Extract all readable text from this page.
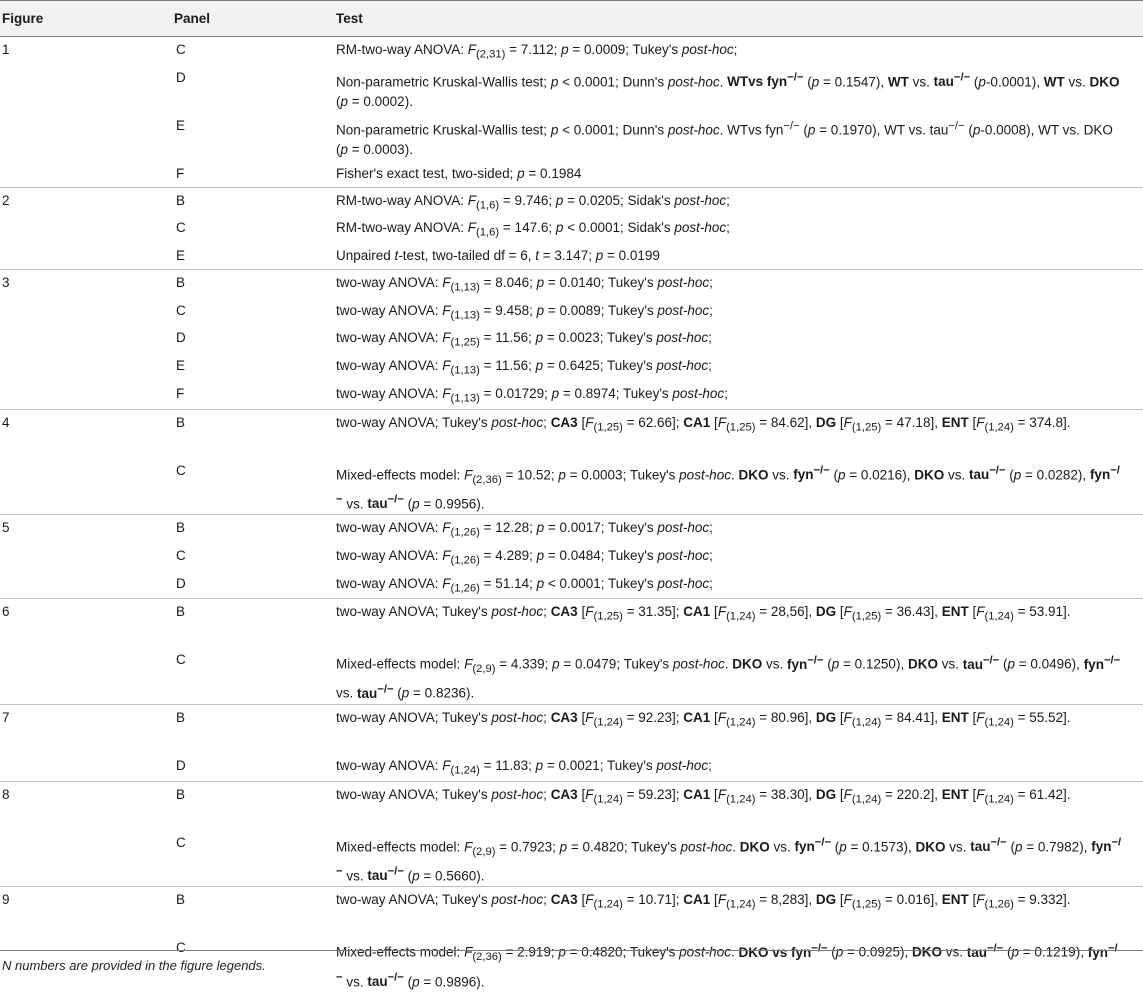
Figure	Panel	Test

1	C	RM-two-way ANOVA: $F_{(2,31)} = 7.112$; p = 0.0009; Tukey's post-hoc;

	D	Non-parametric Kruskal-Wallis test; p < 0.0001; Dunn's post-hoc. WTvs fyn−/− (p = 0.1547), WT vs. tau−/− (p-0.0001), WT vs. DKO (p = 0.0002).

	E	Non-parametric Kruskal-Wallis test; p < 0.0001; Dunn's post-hoc. WTvs fyn−/− (p = 0.1970), WT vs. tau−/− (p-0.0008), WT vs. DKO (p = 0.0003).

	F	Fisher's exact test, two-sided; p = 0.1984

2	B	RM-two-way ANOVA: $F_{(1,6)} = 9.746$; p = 0.0205; Sidak's post-hoc;

	C	RM-two-way ANOVA: $F_{(1,6)} = 147.6$; p < 0.0001; Sidak's post-hoc;

	E	Unpaired t-test, two-tailed df = 6, t = 3.147; p = 0.0199

3	B	two-way ANOVA: $F_{(1,13)} = 8.046$; p = 0.0140; Tukey's post-hoc;

	C	two-way ANOVA: $F_{(1,13)} = 9.458$; p = 0.0089; Tukey's post-hoc;

	D	two-way ANOVA: $F_{(1,25)} = 11.56$; p = 0.0023; Tukey's post-hoc;

	E	two-way ANOVA: $F_{(1,13)} = 11.56$; p = 0.6425; Tukey's post-hoc;

	F	two-way ANOVA: $F_{(1,13)} = 0.01729$; p = 0.8974; Tukey's post-hoc;

4	B	two-way ANOVA; Tukey's post-hoc; CA3 $[F_{(1,25)} = 62.66]$; CA1 $[F_{(1,25)} = 84.62]$, DG $[F_{(1,25)} = 47.18]$, ENT $[F_{(1,24)} = 374.8]$.

	C	Mixed-effects model: $F_{(2,36)} = 10.52$; p = 0.0003; Tukey's post-hoc. DKO vs. fyn−/− (p = 0.0216), DKO vs. tau−/− (p = 0.0282), fyn−/− vs. tau−/− (p = 0.9956).

5	B	two-way ANOVA: $F_{(1,26)} = 12.28$; p = 0.0017; Tukey's post-hoc;

	C	two-way ANOVA: $F_{(1,26)} = 4.289$; p = 0.0484; Tukey's post-hoc;

	D	two-way ANOVA: $F_{(1,26)} = 51.14$; p < 0.0001; Tukey's post-hoc;

6	B	two-way ANOVA; Tukey's post-hoc; CA3 $[F_{(1,25)} = 31.35]$; CA1 $[F_{(1,24)} = 28,56]$, DG $[F_{(1,25)} = 36.43]$, ENT $[F_{(1,24)} = 53.91]$.

	C	Mixed-effects model: $F_{(2,9)} = 4.339$; p = 0.0479; Tukey's post-hoc. DKO vs. fyn−/− (p = 0.1250), DKO vs. tau−/− (p = 0.0496), fyn−/− vs. tau−/− (p = 0.8236).

7	B	two-way ANOVA; Tukey's post-hoc; CA3 $[F_{(1,24)} = 92.23]$; CA1 $[F_{(1,24)} = 80.96]$, DG $[F_{(1,24)} = 84.41]$, ENT $[F_{(1,24)} = 55.52]$.

	D	two-way ANOVA: $F_{(1,24)} = 11.83$; p = 0.0021; Tukey's post-hoc;

8	B	two-way ANOVA; Tukey's post-hoc; CA3 $[F_{(1,24)} = 59.23]$; CA1 $[F_{(1,24)} = 38.30]$, DG $[F_{(1,24)} = 220.2]$, ENT $[F_{(1,24)} = 61.42]$.

	C	Mixed-effects model: $F_{(2,9)} = 0.7923$; p = 0.4820; Tukey's post-hoc. DKO vs. fyn−/− (p = 0.1573), DKO vs. tau−/− (p = 0.7982), fyn−/− vs. tau−/− (p = 0.5660).

9	B	two-way ANOVA; Tukey's post-hoc; CA3 $[F_{(1,24)} = 10.71]$; CA1 $[F_{(1,24)} = 8,283]$, DG $[F_{(1,25)} = 0.016]$, ENT $[F_{(1,26)} = 9.332]$.

	C	Mixed-effects model: $F_{(2,36)} = 2.919$; p = 0.4820; Tukey's post-hoc. DKO vs fyn−/− (p = 0.0925), DKO vs. tau−/− (p = 0.1219), fyn−/− vs. tau−/− (p = 0.9896).
N numbers are provided in the figure legends.
